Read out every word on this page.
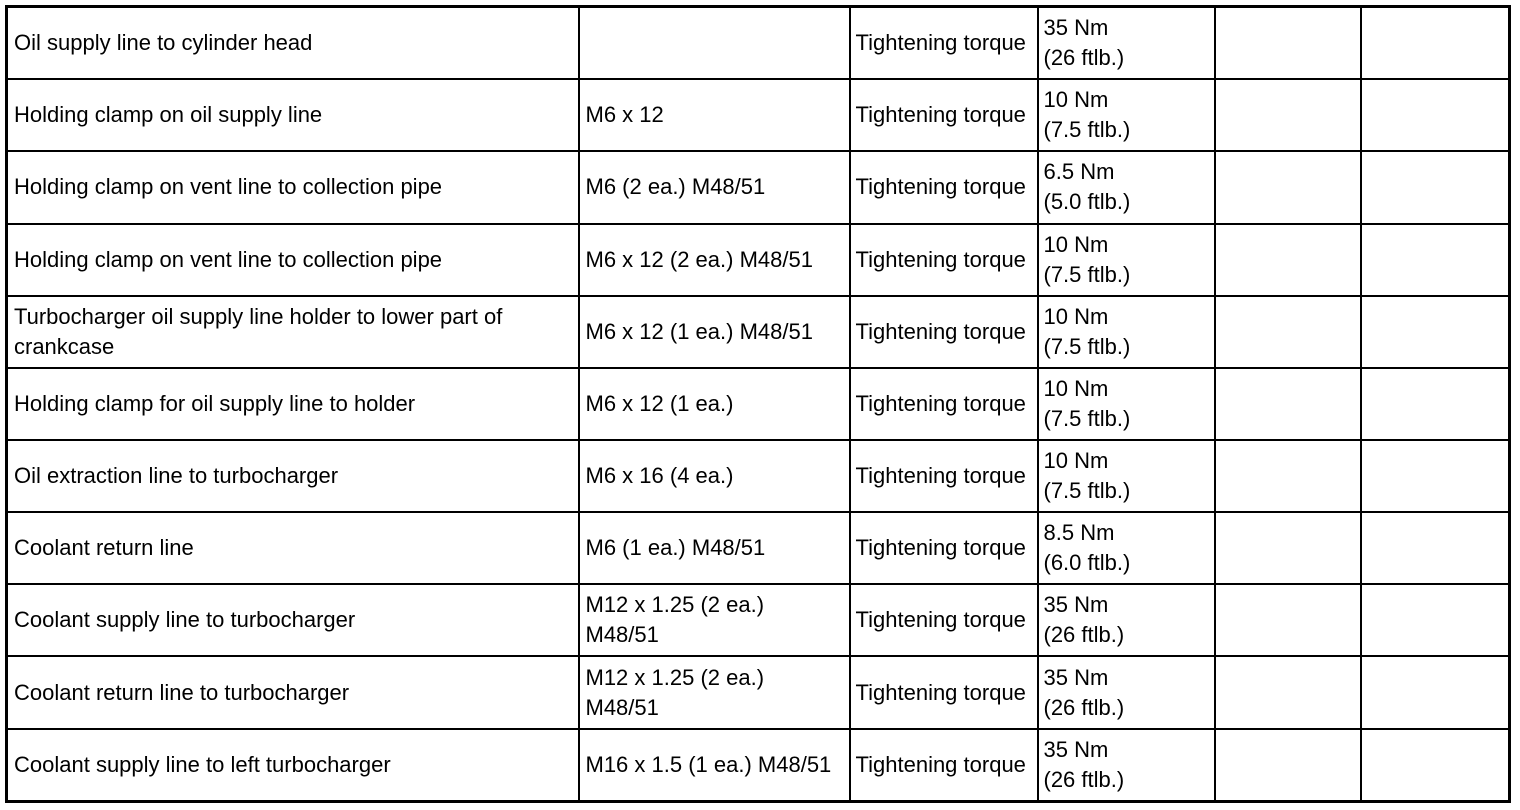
Oil supply line to cylinder head		Tightening torque	35 Nm
(26 ftlb.)		
Holding clamp on oil supply line	M6 x 12	Tightening torque	10 Nm
(7.5 ftlb.)		
Holding clamp on vent line to collection pipe	M6 (2 ea.) M48/51	Tightening torque	6.5 Nm
(5.0 ftlb.)		
Holding clamp on vent line to collection pipe	M6 x 12 (2 ea.) M48/51	Tightening torque	10 Nm
(7.5 ftlb.)		
Turbocharger oil supply line holder to lower part of crankcase	M6 x 12 (1 ea.) M48/51	Tightening torque	10 Nm
(7.5 ftlb.)		
Holding clamp for oil supply line to holder	M6 x 12 (1 ea.)	Tightening torque	10 Nm
(7.5 ftlb.)		
Oil extraction line to turbocharger	M6 x 16 (4 ea.)	Tightening torque	10 Nm
(7.5 ftlb.)		
Coolant return line	M6 (1 ea.) M48/51	Tightening torque	8.5 Nm
(6.0 ftlb.)		
Coolant supply line to turbocharger	M12 x 1.25 (2 ea.) M48/51	Tightening torque	35 Nm
(26 ftlb.)		
Coolant return line to turbocharger	M12 x 1.25 (2 ea.) M48/51	Tightening torque	35 Nm
(26 ftlb.)		
Coolant supply line to left turbocharger	M16 x 1.5 (1 ea.) M48/51	Tightening torque	35 Nm
(26 ftlb.)		
